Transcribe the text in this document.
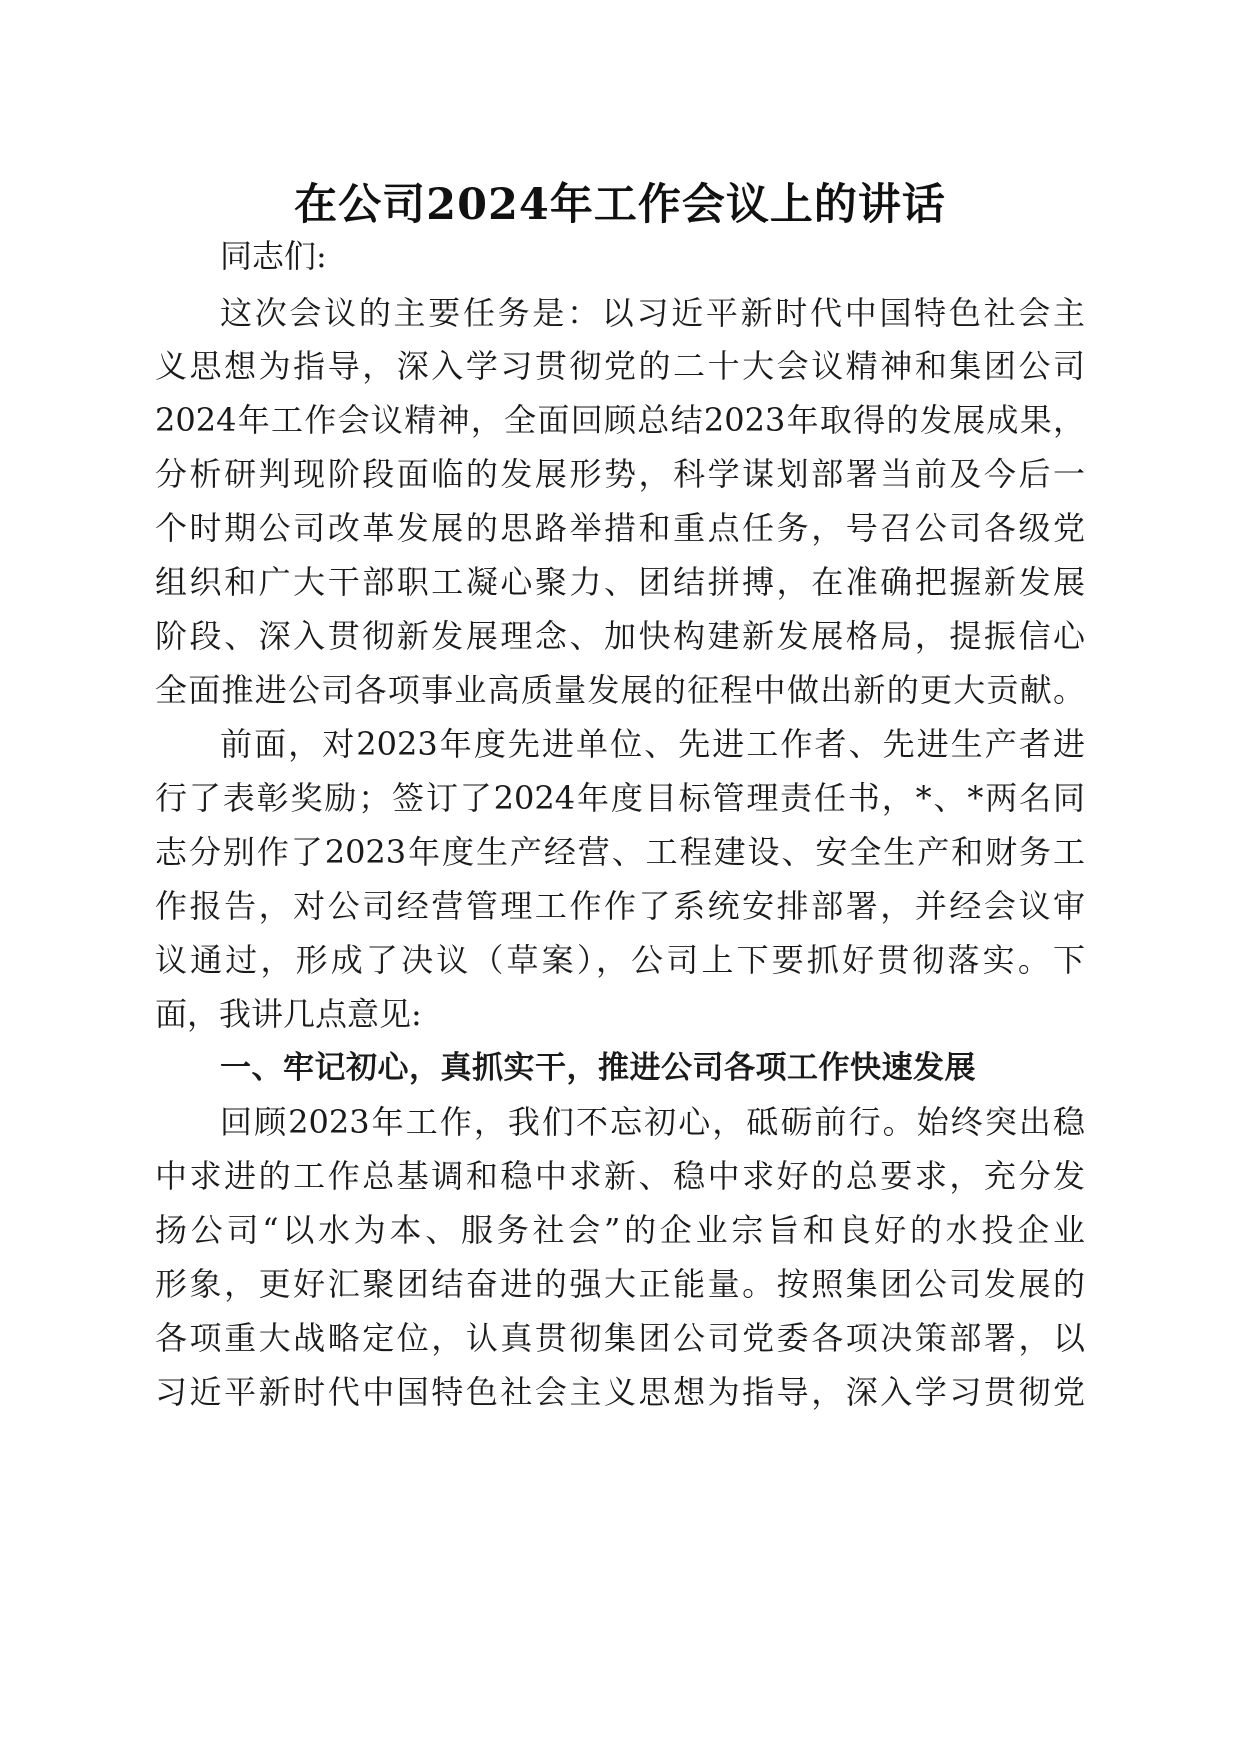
在公司2024年工作会议上的讲话
同志们:
这次会议的主要任务是：以习近平新时代中国特色社会主
义思想为指导，深入学习贯彻党的二十大会议精神和集团公司
2024年工作会议精神，全面回顾总结2023年取得的发展成果，
分析研判现阶段面临的发展形势，科学谋划部署当前及今后一
个时期公司改革发展的思路举措和重点任务，号召公司各级党
组织和广大干部职工凝心聚力、团结拼搏，在准确把握新发展
阶段、深入贯彻新发展理念、加快构建新发展格局，提振信心
全面推进公司各项事业高质量发展的征程中做出新的更大贡献。
前面，对2023年度先进单位、先进工作者、先进生产者进
行了表彰奖励；签订了2024年度目标管理责任书，*、*两名同
志分别作了2023年度生产经营、工程建设、安全生产和财务工
作报告，对公司经营管理工作作了系统安排部署，并经会议审
议通过，形成了决议（草案），公司上下要抓好贯彻落实。下
面，我讲几点意见:
一、牢记初心，真抓实干，推进公司各项工作快速发展
回顾2023年工作，我们不忘初心，砥砺前行。始终突出稳
中求进的工作总基调和稳中求新、稳中求好的总要求，充分发
扬公司“以水为本、服务社会”的企业宗旨和良好的水投企业
形象，更好汇聚团结奋进的强大正能量。按照集团公司发展的
各项重大战略定位，认真贯彻集团公司党委各项决策部署，以
习近平新时代中国特色社会主义思想为指导，深入学习贯彻党
